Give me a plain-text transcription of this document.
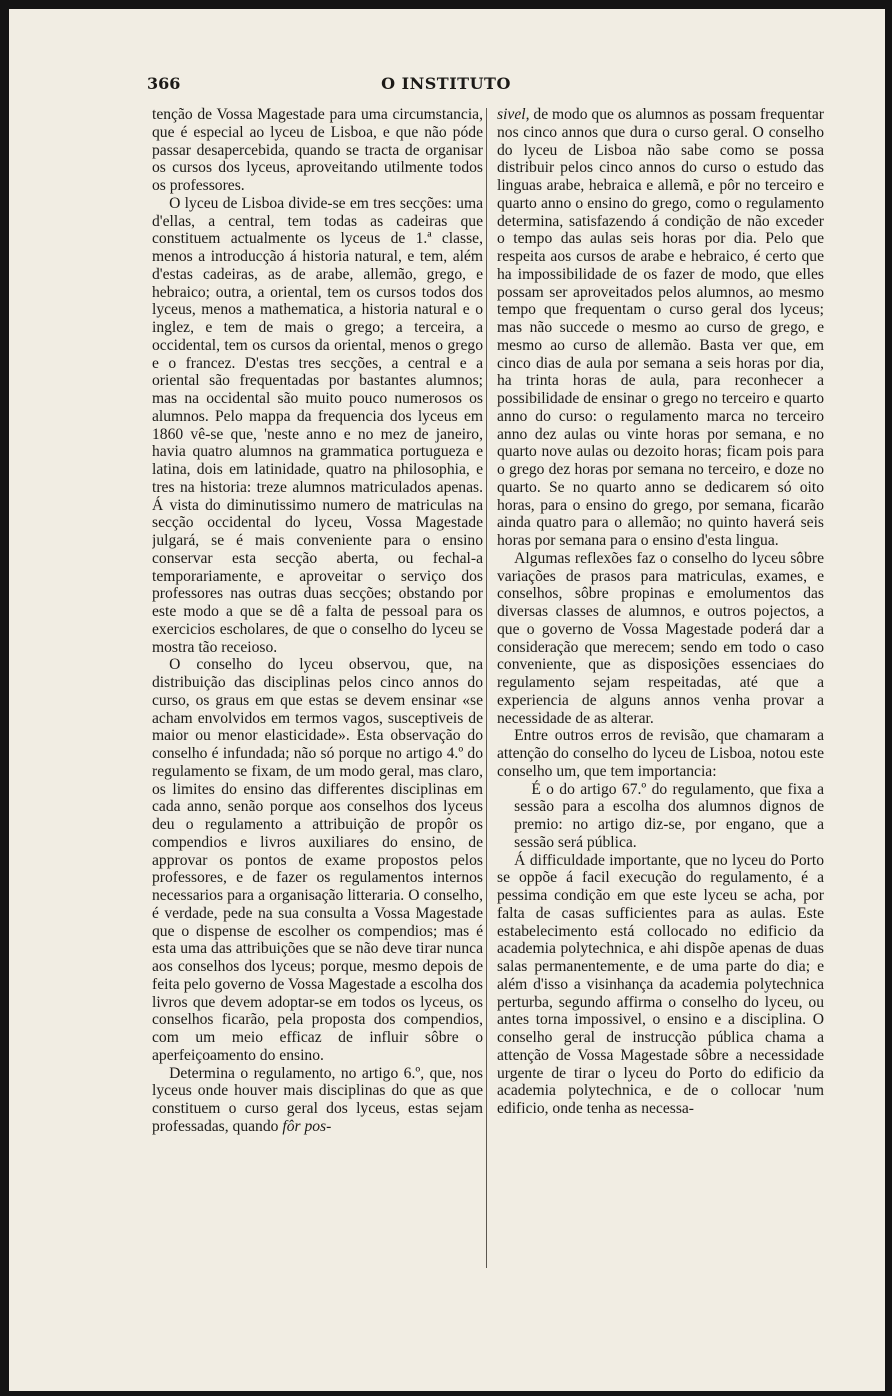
366	O INSTITUTO

tenção de Vossa Magestade para uma circumstancia, que é especial ao lyceu de Lisboa, e que não póde passar desapercebida, quando se tracta de organisar os cursos dos lyceus, aproveitando utilmente todos os professores.

O lyceu de Lisboa divide-se em tres secções: uma d'ellas, a central, tem todas as cadeiras que constituem actualmente os lyceus de 1.ª classe, menos a introducção á historia natural, e tem, além d'estas cadeiras, as de arabe, allemão, grego, e hebraico; outra, a oriental, tem os cursos todos dos lyceus, menos a mathematica, a historia natural e o inglez, e tem de mais o grego; a terceira, a occidental, tem os cursos da oriental, menos o grego e o francez. D'estas tres secções, a central e a oriental são frequentadas por bastantes alumnos; mas na occidental são muito pouco numerosos os alumnos. Pelo mappa da frequencia dos lyceus em 1860 vê-se que, 'neste anno e no mez de janeiro, havia quatro alumnos na grammatica portugueza e latina, dois em latinidade, quatro na philosophia, e tres na historia: treze alumnos matriculados apenas. Á vista do diminutissimo numero de matriculas na secção occidental do lyceu, Vossa Magestade julgará, se é mais conveniente para o ensino conservar esta secção aberta, ou fechal-a temporariamente, e aproveitar o serviço dos professores nas outras duas secções; obstando por este modo a que se dê a falta de pessoal para os exercicios escholares, de que o conselho do lyceu se mostra tão receioso.

O conselho do lyceu observou, que, na distribuição das disciplinas pelos cinco annos do curso, os graus em que estas se devem ensinar «se acham envolvidos em termos vagos, susceptiveis de maior ou menor elasticidade». Esta observação do conselho é infundada; não só porque no artigo 4.º do regulamento se fixam, de um modo geral, mas claro, os limites do ensino das differentes disciplinas em cada anno, senão porque aos conselhos dos lyceus deu o regulamento a attribuição de propôr os compendios e livros auxiliares do ensino, de approvar os pontos de exame propostos pelos professores, e de fazer os regulamentos internos necessarios para a organisação litteraria. O conselho, é verdade, pede na sua consulta a Vossa Magestade que o dispense de escolher os compendios; mas é esta uma das attribuições que se não deve tirar nunca aos conselhos dos lyceus; porque, mesmo depois de feita pelo governo de Vossa Magestade a escolha dos livros que devem adoptar-se em todos os lyceus, os conselhos ficarão, pela proposta dos compendios, com um meio efficaz de influir sôbre o aperfeiçoamento do ensino.

Determina o regulamento, no artigo 6.º, que, nos lyceus onde houver mais disciplinas do que as que constituem o curso geral dos lyceus, estas sejam professadas, quando fôr pos-

sivel, de modo que os alumnos as possam frequentar nos cinco annos que dura o curso geral. O conselho do lyceu de Lisboa não sabe como se possa distribuir pelos cinco annos do curso o estudo das linguas arabe, hebraica e allemã, e pôr no terceiro e quarto anno o ensino do grego, como o regulamento determina, satisfazendo á condição de não exceder o tempo das aulas seis horas por dia. Pelo que respeita aos cursos de arabe e hebraico, é certo que ha impossibilidade de os fazer de modo, que elles possam ser aproveitados pelos alumnos, ao mesmo tempo que frequentam o curso geral dos lyceus; mas não succede o mesmo ao curso de grego, e mesmo ao curso de allemão. Basta ver que, em cinco dias de aula por semana a seis horas por dia, ha trinta horas de aula, para reconhecer a possibilidade de ensinar o grego no terceiro e quarto anno do curso: o regulamento marca no terceiro anno dez aulas ou vinte horas por semana, e no quarto nove aulas ou dezoito horas; ficam pois para o grego dez horas por semana no terceiro, e doze no quarto. Se no quarto anno se dedicarem só oito horas, para o ensino do grego, por semana, ficarão ainda quatro para o allemão; no quinto haverá seis horas por semana para o ensino d'esta lingua.

Algumas reflexões faz o conselho do lyceu sôbre variações de prasos para matriculas, exames, e conselhos, sôbre propinas e emolumentos das diversas classes de alumnos, e outros pojectos, a que o governo de Vossa Magestade poderá dar a consideração que merecem; sendo em todo o caso conveniente, que as disposições essenciaes do regulamento sejam respeitadas, até que a experiencia de alguns annos venha provar a necessidade de as alterar.

Entre outros erros de revisão, que chamaram a attenção do conselho do lyceu de Lisboa, notou este conselho um, que tem importancia:

É o do artigo 67.º do regulamento, que fixa a sessão para a escolha dos alumnos dignos de premio: no artigo diz-se, por engano, que a sessão será pública.

Á difficuldade importante, que no lyceu do Porto se oppõe á facil execução do regulamento, é a pessima condição em que este lyceu se acha, por falta de casas sufficientes para as aulas. Este estabelecimento está collocado no edificio da academia polytechnica, e ahi dispõe apenas de duas salas permanentemente, e de uma parte do dia; e além d'isso a visinhança da academia polytechnica perturba, segundo affirma o conselho do lyceu, ou antes torna impossivel, o ensino e a disciplina. O conselho geral de instrucção pública chama a attenção de Vossa Magestade sôbre a necessidade urgente de tirar o lyceu do Porto do edificio da academia polytechnica, e de o collocar 'num edificio, onde tenha as necessa-
